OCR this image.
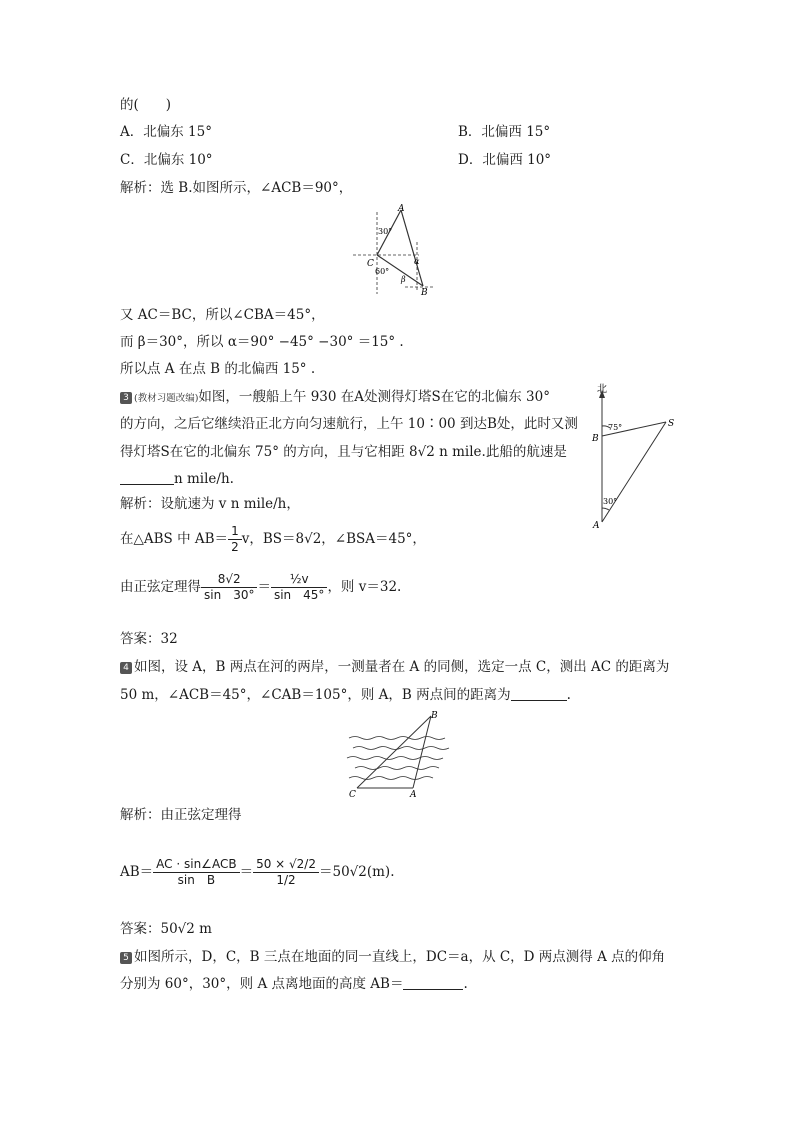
的(　　)
A．北偏东 15°	B．北偏西 15°
C．北偏东 10°	D．北偏西 10°
解析：选 B.如图所示，∠ACB＝90°，
A
C
B
30°
60°
α
β
又 AC＝BC，所以∠CBA＝45°，
而 β＝30°，所以 α＝90° −45° −30° ＝15° .
所以点 A 在点 B 的北偏西 15° .
3 (教材习题改编)如图，一艘船上午 930 在A处测得灯塔S在它的北偏东 30°
的方向，之后它继续沿正北方向匀速航行，上午 10∶00 到达B处，此时又测
得灯塔S在它的北偏东 75° 的方向，且与它相距 8√2 n mile.此船的航速是
n mile/h.
北
B
S
A
75°
30°
解析：设航速为 v n mile/h，
在△ABS 中 $AB= \frac{1}{2}$ v，BS＝8√2，∠BSA＝45°，
由正弦定理得 $\frac{8√2}{\sin 30^\circ} = \frac{\text{½v}}{\sin 45^\circ}$ ，则 v＝32.
答案：32
4 如图，设 A，B 两点在河的两岸，一测量者在 A 的同侧，选定一点 C，测出 AC 的距离为
50 m，∠ACB＝45°，∠CAB＝105°，则 A，B 两点间的距离为	.
B
C	A
解析：由正弦定理得
$AB= \frac{\text{AC · sin∠ACB}}{\text{sin　B}} = \frac{50 \times √2/2}{1/2} =50√2(m)$.
答案：50√2 m
5 如图所示，D，C，B 三点在地面的同一直线上，DC＝a，从 C，D 两点测得 A 点的仰角
分别为 60°，30°，则 A 点离地面的高度 AB＝	.
